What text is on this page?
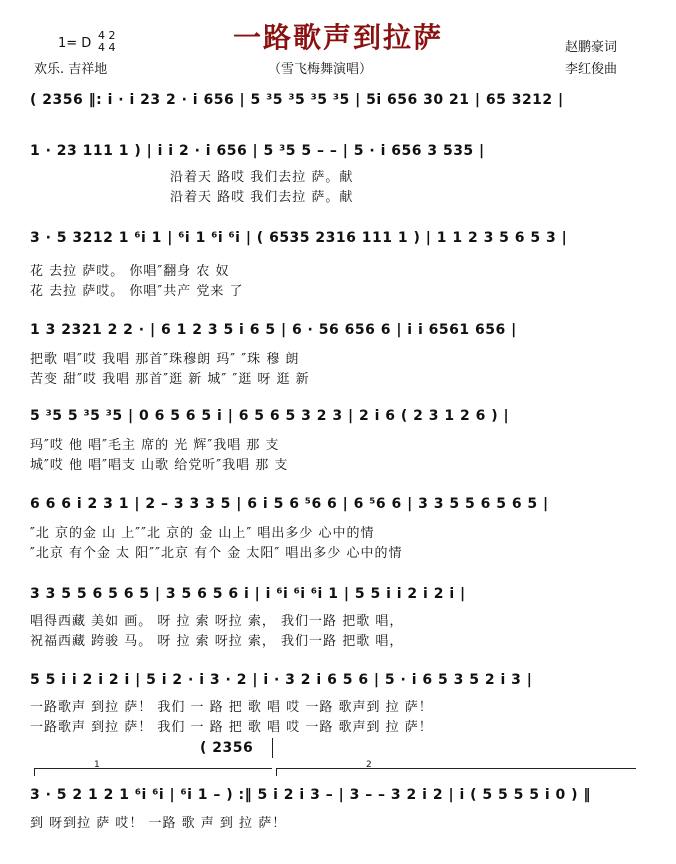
一路歌声到拉萨
1= D
4 2
4 4
欢乐. 吉祥地	（雪飞梅舞演唱）
赵鹏豪词
李红俊曲
( 2356 ‖: i · i 23 2 · i 656 | 5 ³5 ³5 ³5 ³5 | 5i 656 30 21 | 65 3212 |
1 · 23 111 1 ) | i i 2 · i 656 | 5 ³5 5 – – | 5 · i 656 3 535 |
沿着天 路哎 我们去拉 萨。献
沿着天 路哎 我们去拉 萨。献
3 · 5 3212 1 ⁶i 1 | ⁶i 1 ⁶i ⁶i | ( 6535 2316 111 1 ) | 1 1 2 3 5 6 5 3 |
花 去拉 萨哎。 你唱″翻身 农 奴
花 去拉 萨哎。 你唱″共产 党来 了
1 3 2321 2 2 · | 6 1 2 3 5 i 6 5 | 6 · 56 656 6 | i i 6561 656 |
把歌 唱″哎 我唱 那首″珠穆朗 玛″ ″珠 穆 朗
苦变 甜″哎 我唱 那首″逛 新 城″ ″逛 呀 逛 新
5 ³5 5 ³5 ³5 | 0 6 5 6 5 i | 6 5 6 5 3 2 3 | 2 i 6 ( 2 3 1 2 6 ) |
玛″哎 他 唱″毛主 席的 光 辉″我唱 那 支
城″哎 他 唱″唱支 山歌 给党听″我唱 那 支
6 6 6 i 2 3 1 | 2 – 3 3 3 5 | 6 i 5 6 ⁵6 6 | 6 ⁵6 6 | 3 3 5 5 6 5 6 5 |
″北 京的金 山 上″″北 京的 金 山上″ 唱出多少 心中的情
″北京 有个金 太 阳″″北京 有个 金 太阳″ 唱出多少 心中的情
3 3 5 5 6 5 6 5 | 3 5 6 5 6 i | i ⁶i ⁶i ⁶i 1 | 5 5 i i 2 i 2 i |
唱得西藏 美如 画。 呀 拉 索 呀拉 索， 我们一路 把歌 唱，
祝福西藏 跨骏 马。 呀 拉 索 呀拉 索， 我们一路 把歌 唱，
5 5 i i 2 i 2 i | 5 i 2 · i 3 · 2 | i · 3 2 i 6 5 6 | 5 · i 6 5 3 5 2 i 3 |
一路歌声 到拉 萨！ 我们 一 路 把 歌 唱 哎 一路 歌声到 拉 萨！
一路歌声 到拉 萨！ 我们 一 路 把 歌 唱 哎 一路 歌声到 拉 萨！
( 2356
1	2
3 · 5 2 1 2 1 ⁶i ⁶i | ⁶i 1 – ) :‖ 5 i 2 i 3 – | 3 – – 3 2 i 2 | i ( 5 5 5 5 i 0 ) ‖
到 呀到拉 萨 哎！ 一路 歌 声 到 拉 萨！
